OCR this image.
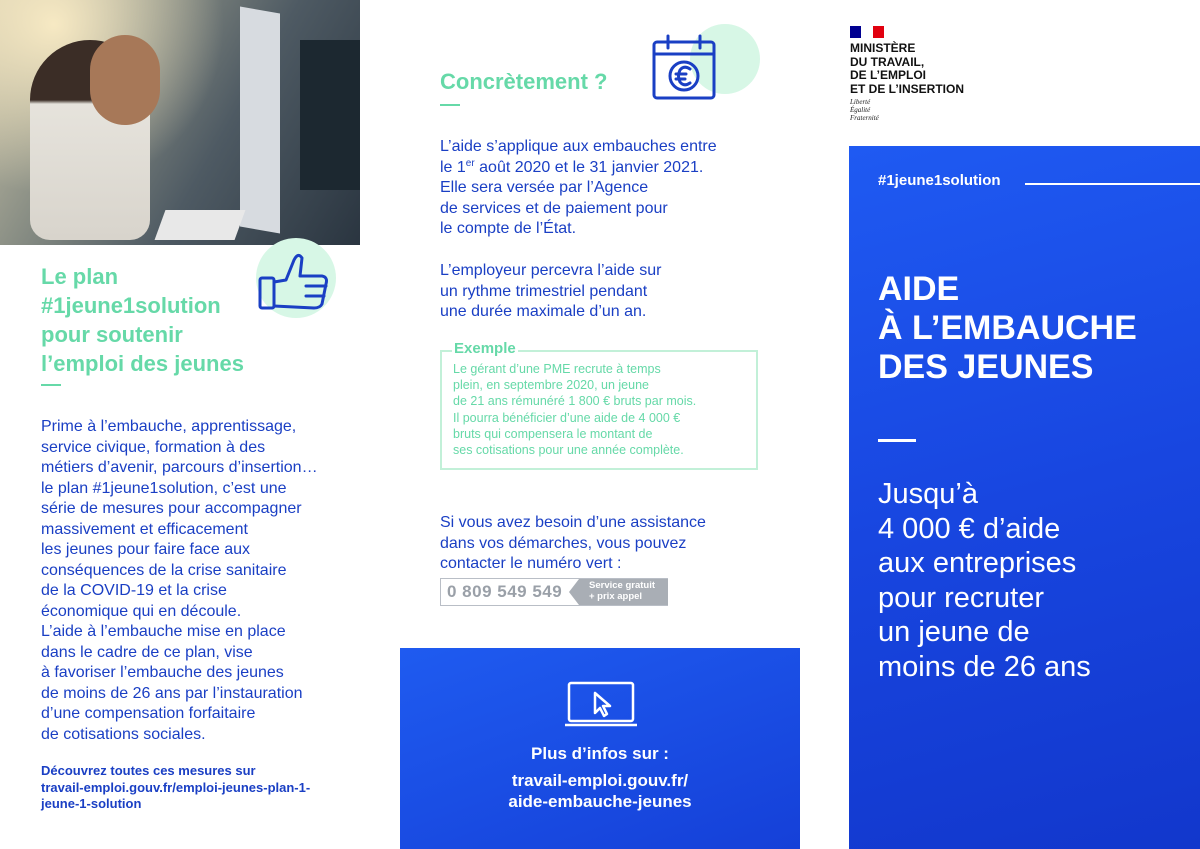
Le plan
#1jeune1solution
pour soutenir
l’emploi des jeunes
Prime à l’embauche, apprentissage,
service civique, formation à des
métiers d’avenir, parcours d’insertion…
le plan #1jeune1solution, c’est une
série de mesures pour accompagner
massivement et efficacement
les jeunes pour faire face aux
conséquences de la crise sanitaire
de la COVID-19 et la crise
économique qui en découle.
L’aide à l’embauche mise en place
dans le cadre de ce plan, vise
à favoriser l’embauche des jeunes
de moins de 26 ans par l’instauration
d’une compensation forfaitaire
de cotisations sociales.
Découvrez toutes ces mesures sur
travail-emploi.gouv.fr/emploi-jeunes-plan-1-
jeune-1-solution
Concrètement ?
L’aide s’applique aux embauches entre
le 1er août 2020 et le 31 janvier 2021.
Elle sera versée par l’Agence
de services et de paiement pour
le compte de l’État.
L’employeur percevra l’aide sur
un rythme trimestriel pendant
une durée maximale d’un an.
Exemple
Le gérant d’une PME recrute à temps
plein, en septembre 2020, un jeune
de 21 ans rémunéré 1 800 € bruts par mois.
Il pourra bénéficier d’une aide de 4 000 €
bruts qui compensera le montant de
ses cotisations pour une année complète.
Si vous avez besoin d’une assistance
dans vos démarches, vous pouvez
contacter le numéro vert :
0 809 549 549	Service gratuit
+ prix appel
Plus d’infos sur :
travail-emploi.gouv.fr/
aide-embauche-jeunes
MINISTÈRE
DU TRAVAIL,
DE L’EMPLOI
ET DE L’INSERTION
Liberté
Égalité
Fraternité
#1jeune1solution
AIDE
À L’EMBAUCHE
DES JEUNES
Jusqu’à
4 000 € d’aide
aux entreprises
pour recruter
un jeune de
moins de 26 ans
